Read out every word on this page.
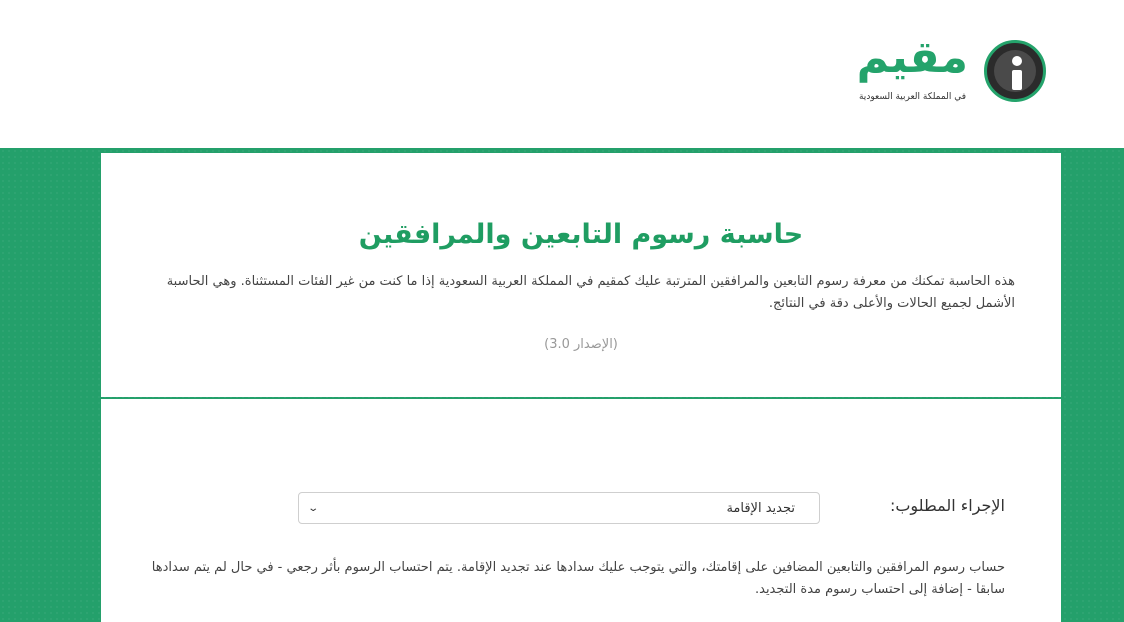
مقيم
في المملكة العربية السعودية
حاسبة رسوم التابعين والمرافقين
هذه الحاسبة تمكنك من معرفة رسوم التابعين والمرافقين المترتبة عليك كمقيم في المملكة العربية السعودية إذا ما كنت من غير الفئات المستثناة. وهي الحاسبة الأشمل لجميع الحالات والأعلى دقة في النتائج.
(الإصدار 3.0)
الإجراء المطلوب:
تجديد الإقامة
⌄
حساب رسوم المرافقين والتابعين المضافين على إقامتك، والتي يتوجب عليك سدادها عند تجديد الإقامة. يتم احتساب الرسوم بأثر رجعي - في حال لم يتم سدادها سابقا - إضافة إلى احتساب رسوم مدة التجديد.
